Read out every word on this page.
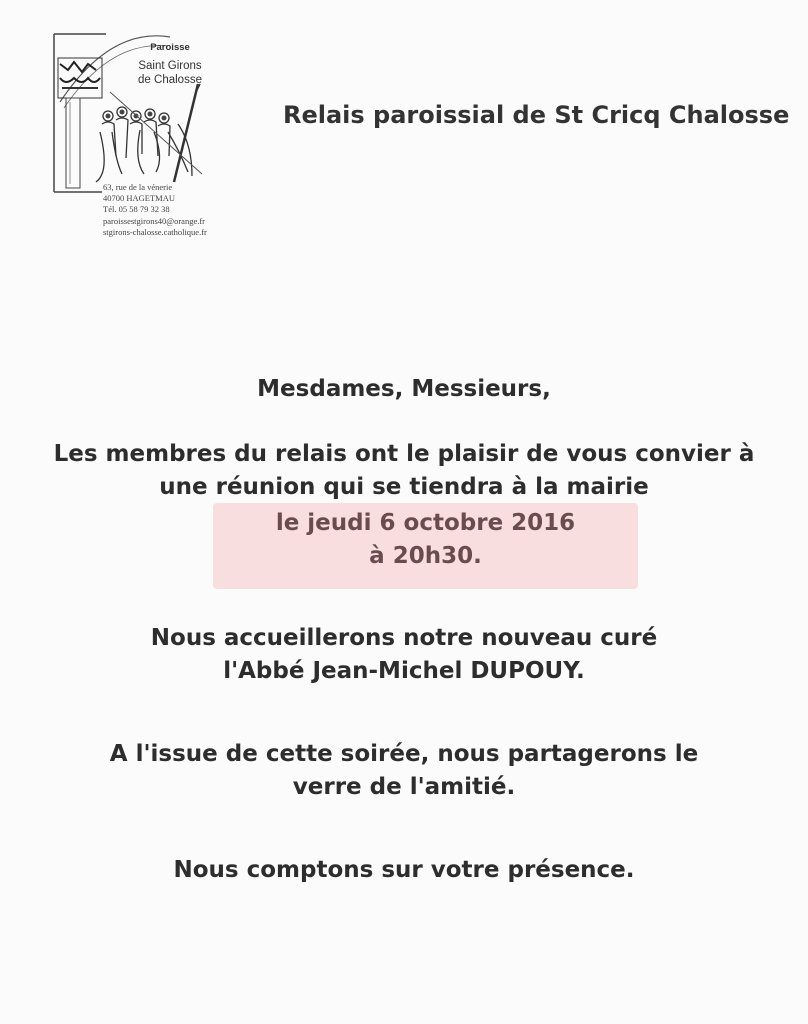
Paroisse
Saint Girons
de Chalosse
63, rue de la vénerie
40700 HAGETMAU
Tél. 05 58 79 32 38
paroissestgirons40@orange.fr
stgirons-chalosse.catholique.fr
Relais paroissial de St Cricq Chalosse
Mesdames, Messieurs,
Les membres du relais ont le plaisir de vous convier à
une réunion qui se tiendra à la mairie
le jeudi 6 octobre 2016
à 20h30.
Nous accueillerons notre nouveau curé
l'Abbé Jean-Michel DUPOUY.
A l'issue de cette soirée, nous partagerons le
verre de l'amitié.
Nous comptons sur votre présence.
